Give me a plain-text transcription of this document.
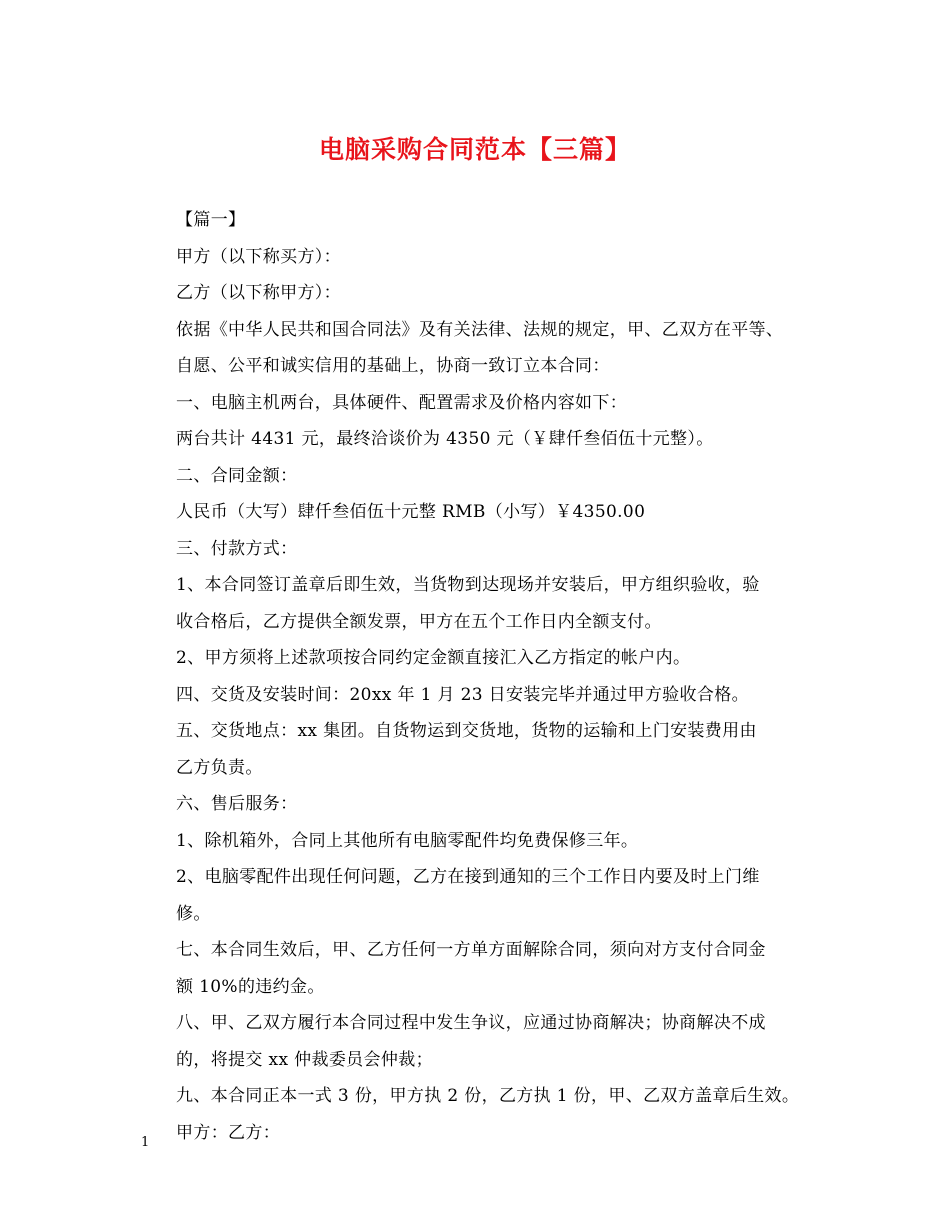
电脑采购合同范本【三篇】

【篇一】

甲方（以下称买方）：

乙方（以下称甲方）：

依据《中华人民共和国合同法》及有关法律、法规的规定，甲、乙双方在平等、
自愿、公平和诚实信用的基础上，协商一致订立本合同：

一、电脑主机两台，具体硬件、配置需求及价格内容如下：

两台共计 4431 元，最终洽谈价为 4350 元（￥肆仟叁佰伍十元整）。

二、合同金额：

人民币（大写）肆仟叁佰伍十元整 RMB（小写）￥4350.00

三、付款方式：

1、本合同签订盖章后即生效，当货物到达现场并安装后，甲方组织验收，验
收合格后，乙方提供全额发票，甲方在五个工作日内全额支付。

2、甲方须将上述款项按合同约定金额直接汇入乙方指定的帐户内。

四、交货及安装时间：20xx 年 1 月 23 日安装完毕并通过甲方验收合格。

五、交货地点：xx 集团。自货物运到交货地，货物的运输和上门安装费用由
乙方负责。

六、售后服务：

1、除机箱外，合同上其他所有电脑零配件均免费保修三年。

2、电脑零配件出现任何问题，乙方在接到通知的三个工作日内要及时上门维
修。

七、本合同生效后，甲、乙方任何一方单方面解除合同，须向对方支付合同金
额 10%的违约金。

八、甲、乙双方履行本合同过程中发生争议，应通过协商解决；协商解决不成
的，将提交 xx 仲裁委员会仲裁；

九、本合同正本一式 3 份，甲方执 2 份，乙方执 1 份，甲、乙双方盖章后生效。

甲方：乙方：

1
